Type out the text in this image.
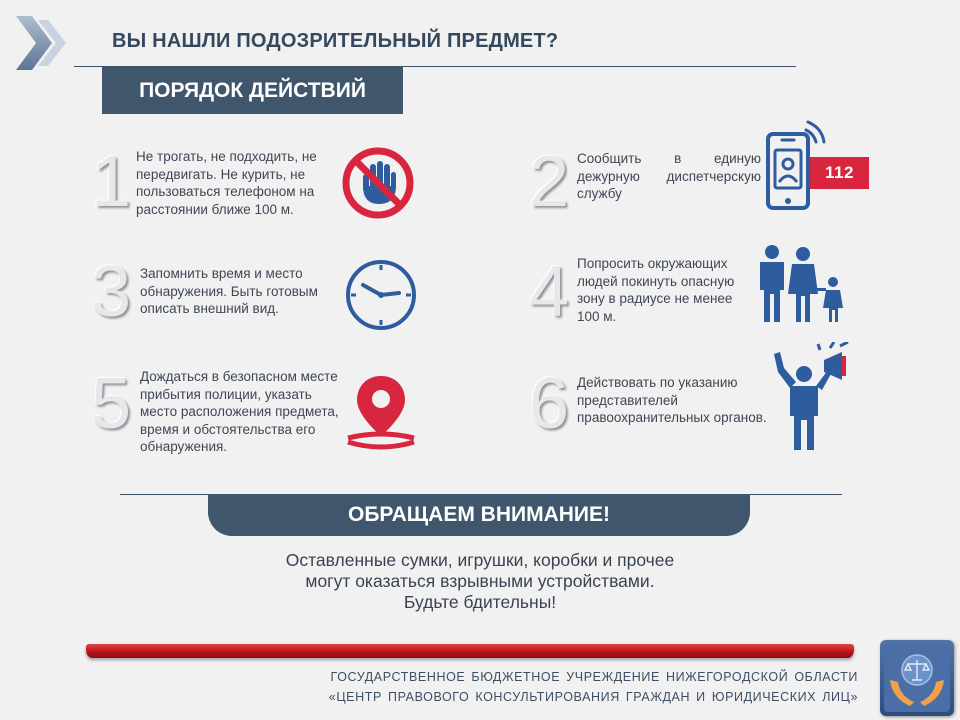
ВЫ НАШЛИ ПОДОЗРИТЕЛЬНЫЙ ПРЕДМЕТ?
ПОРЯДОК ДЕЙСТВИЙ
1 Не трогать, не подходить, не передвигать. Не курить, не пользоваться телефоном на расстоянии ближе 100 м.	2 Сообщить в единую дежурную диспетчерскую службу
112
3 Запомнить время и место обнаружения. Быть готовым описать внешний вид.	4 Попросить окружающих людей покинуть опасную зону в радиусе не менее 100 м.
5 Дождаться в безопасном месте прибытия полиции, указать место расположения предмета, время и обстоятельства его обнаружения.
6 Действовать по указанию представителей правоохранительных органов.
ОБРАЩАЕМ ВНИМАНИЕ!
Оставленные сумки, игрушки, коробки и прочее
могут оказаться взрывными устройствами.
Будьте бдительны!
ГОСУДАРСТВЕННОЕ БЮДЖЕТНОЕ УЧРЕЖДЕНИЕ НИЖЕГОРОДСКОЙ ОБЛАСТИ
«ЦЕНТР ПРАВОВОГО КОНСУЛЬТИРОВАНИЯ ГРАЖДАН И ЮРИДИЧЕСКИХ ЛИЦ»
